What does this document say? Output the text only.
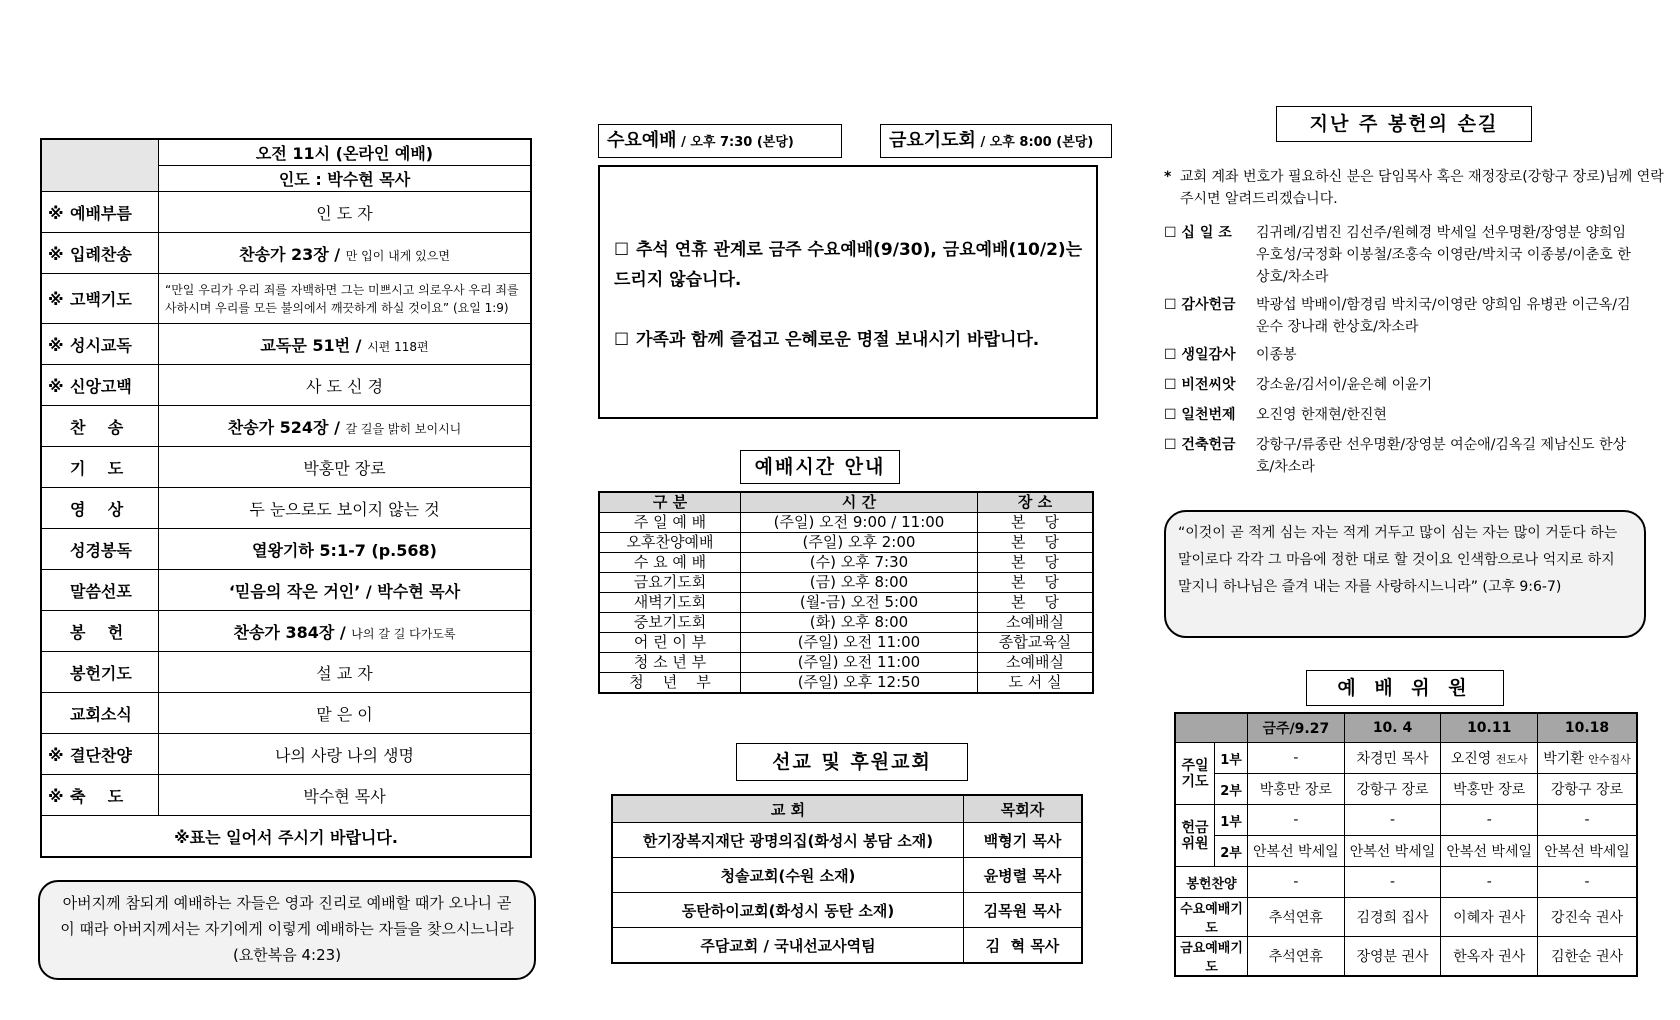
	오전 11시 (온라인 예배)
	인도 : 박수현 목사
※ 예배부름	인 도 자
※ 입례찬송	찬송가 23장 / 만 입이 내게 있으면
※ 고백기도	“만일 우리가 우리 죄를 자백하면 그는 미쁘시고 의로우사 우리 죄를 사하시며 우리를 모든 불의에서 깨끗하게 하실 것이요” (요일 1:9)
※ 성시교독	교독문 51번 / 시편 118편
※ 신앙고백	사 도 신 경
찬    송	찬송가 524장 / 갈 길을 밝히 보이시니
기    도	박홍만 장로
영    상	두 눈으로도 보이지 않는 것
성경봉독	열왕기하 5:1-7 (p.568)
말씀선포	‘믿음의 작은 거인’ / 박수현 목사
봉    헌	찬송가 384장 / 나의 갈 길 다가도록
봉헌기도	설 교 자
교회소식	맡 은 이
※ 결단찬양	나의 사랑 나의 생명
※ 축    도	박수현 목사
※표는 일어서 주시기 바랍니다.	
아버지께 참되게 예배하는 자들은 영과 진리로 예배할 때가 오나니 곧 이 때라 아버지께서는 자기에게 이렇게 예배하는 자들을 찾으시느니라 (요한복음 4:23)
수요예배 / 오후 7:30 (본당)	금요기도회 / 오후 8:00 (본당)
☐ 추석 연휴 관계로 금주 수요예배(9/30), 금요예배(10/2)는 드리지 않습니다.
☐ 가족과 함께 즐겁고 은혜로운 명절 보내시기 바랍니다.
예배시간 안내
구 분	시 간	장 소
주 일 예 배	(주일) 오전 9:00 / 11:00	본    당
오후찬양예배	(주일) 오후 2:00	본    당
수 요 예 배	(수) 오후 7:30	본    당
금요기도회	(금) 오후 8:00	본    당
새벽기도회	(월-금) 오전 5:00	본    당
중보기도회	(화) 오후 8:00	소예배실
어 린 이 부	(주일) 오전 11:00	종합교육실
청 소 년 부	(주일) 오전 11:00	소예배실
청    년    부	(주일) 오후 12:50	도 서 실
선교 및 후원교회
교 회	목회자
한기장복지재단 광명의집(화성시 봉담 소재)	백형기 목사
청솔교회(수원 소재)	윤병렬 목사
동탄하이교회(화성시 동탄 소재)	김목원 목사
주담교회 / 국내선교사역팀	김  혁 목사
지난 주 봉헌의 손길
* 교회 계좌 번호가 필요하신 분은 담임목사 혹은 재정장로(강항구 장로)님께 연락주시면 알려드리겠습니다.
☐ 십 일 조 김귀례/김범진 김선주/원혜경 박세일 선우명환/장영분 양희임 우호성/국정화 이봉철/조홍숙 이영란/박치국 이종봉/이춘호 한상호/차소라
☐ 감사헌금 박광섭 박배이/함경림 박치국/이영란 양희임 유병관 이근옥/김운수 장나래 한상호/차소라
☐ 생일감사 이종봉
☐ 비전씨앗 강소윤/김서이/윤은혜 이윤기
☐ 일천번제 오진영 한재현/한진현
☐ 건축헌금 강항구/류종란 선우명환/장영분 여순애/김옥길 제남신도 한상호/차소라
“이것이 곧 적게 심는 자는 적게 거두고 많이 심는 자는 많이 거둔다 하는 말이로다 각각 그 마음에 정한 대로 할 것이요 인색함으로나 억지로 하지 말지니 하나님은 즐겨 내는 자를 사랑하시느니라” (고후 9:6-7)
예 배 위 원
		금주/9.27	10. 4	10.11	10.18
주일
기도	1부	-	차경민 목사	오진영 전도사	박기환 안수집사
	2부	박홍만 장로	강항구 장로	박홍만 장로	강항구 장로
헌금
위원	1부	-	-	-	-
	2부	안복선 박세일	안복선 박세일	안복선 박세일	안복선 박세일
봉헌찬양		-	-	-	-
수요예배기도		추석연휴	김경희 집사	이혜자 권사	강진숙 권사
금요예배기도		추석연휴	장영분 권사	한옥자 권사	김한순 권사
